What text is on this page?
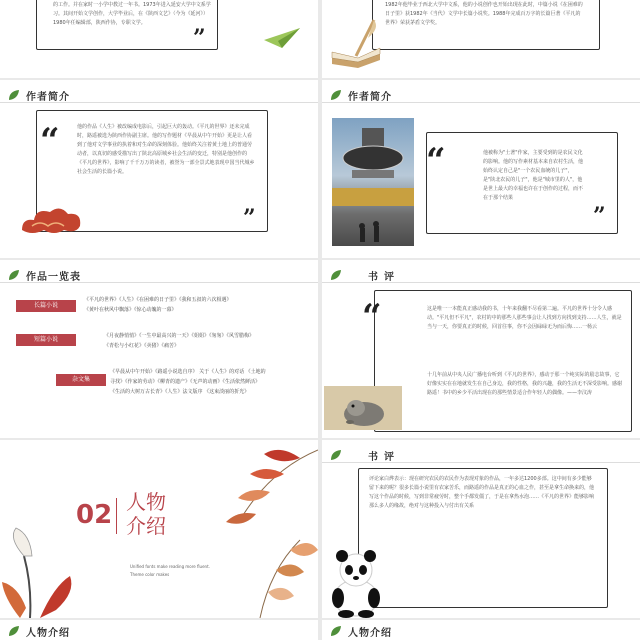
的工作。并在家时一小学中教过一年书。1973年进入延安大学中文系学习。其间开始文学创作，大学毕业后，在《陕西文艺》（今为《延河》）1980年任编辑部，陕西作协，专职文学。
”
1982年他毕业于西北大学中文系，他的小说创作也开始出现在此时，中篇小说《在困难的日子里》获1982年《当代》文学中长篇小说奖。1988年完成百万字的长篇巨著《平凡的世界》荣获茅盾文学奖。
作者简介
他的作品《人生》被改编成电影后，引起巨大的轰动。《平凡的世界》还未完成时，路遥被选为陕西作协副主席。他的写作题材《早晨从中午开始》更是让人看到了他对文学事业的执着和对生命的深刻体验。他始终关注着黄土地上的普通劳动者，以真切的感受描写出了陕北高原城乡社会生活的变迁，特别是他创作的《平凡的世界》，影响了千千万万的读者，被誉为一部全景式地表现中国当代城乡社会生活的长篇小说。
”
“
作者简介
他被称为"土著"作家，主要受到的是农民文化的影响。他的写作素材基本来自农村生活，他始终认定自己是"一个农民血统的儿子"，是"陕北农民的儿子"，他是"城市里的人"，他是世上最大的幸福也许在于创作的过程，而不在于那个结果
”
“
作品一览表
长篇小说
《平凡的世界》《人生》《在困难的日子里》《我和五叔的六次相遇》
《黄叶在秋风中飘落》《惊心动魄的一幕》
短篇小说	《月夜静悄悄》《一生中最高兴的一天》《姐姐》《匆匆》《风雪腊梅》
《青松与小红花》《卖猪》《痛苦》
杂文集
《早晨从中午开始》《路遥小说选自序》 关于《人生》的对话 《土地的
寻找》《作家的劳动》《柳青的遗产》《无声的动画》《生活依然鲜活》
《生活的大树万古长青》《人生》法文版序 《这束淡丽的折光》
书评
这是唯一一本能真正感动我的书，十年来我翻不尽看第二遍。平凡的世界十分令人感动。"平凡但不平凡"，农村的中的那些人那些事会让人找到方向找到支持……人生，就是当与一天，你要真正的时候，回首往事，你不会因碌碌无为而后悔……一杨云
十几年前从中央人民广播电台听到《平凡的世界》，感动于那一个纯实际的励志故事，它好像实实在在地就发生在自己身边，我的性格，我的兴趣，我的生活无不深受影响。感谢路遥！书中的乡少平活出现在的那些情景适合作年轻人的偶像。——李汶涛
“
02 人物介绍
Unified fonts make reading more fluent.
Theme color makes
书评
评论家白烨表示：现在研究农民的农民作为表现对象的作品，一年多达1200多部。这中间有多少能够留下来的呢？很多长篇小说里有农家苦乐，而路遥的作品是真正的心血之作，甚至是拿生命换来的，他写这个作品的时候，写到非常疲劳时，整个手都发僵了，于是在拿热水泡……《平凡的世界》能够影响那么多人的缘故，绝对与这种投入与付出有关系
人物介绍	人物介绍
